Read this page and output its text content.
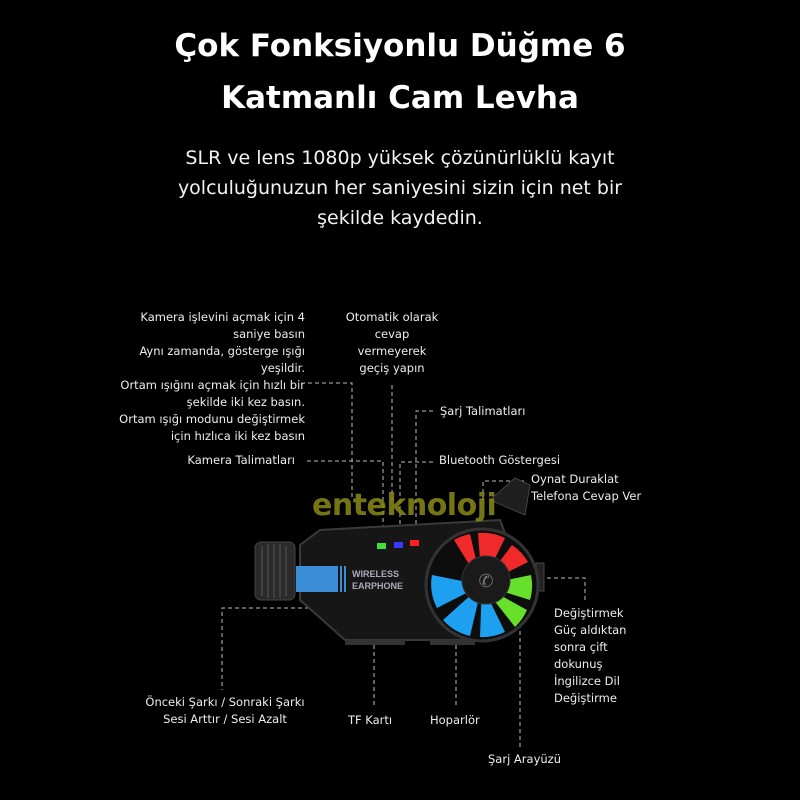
Çok Fonksiyonlu Düğme 6
Katmanlı Cam Levha
SLR ve lens 1080p yüksek çözünürlüklü kayıt
yolculuğunuzun her saniyesini sizin için net bir
şekilde kaydedin.
WIRELESS
EARPHONE	✆
enteknoloji
Kamera işlevini açmak için 4
saniye basın
Aynı zamanda, gösterge ışığı
yeşildir.
Ortam ışığını açmak için hızlı bir
şekilde iki kez basın.
Ortam ışığı modunu değiştirmek
için hızlıca iki kez basın
Otomatik olarak
cevap
vermeyerek
geçiş yapın
Şarj Talimatları
Kamera Talimatları	Bluetooth Göstergesi
Oynat Duraklat
Telefona Cevap Ver
Değiştirmek
Güç aldıktan
sonra çift
dokunuş
İngilizce Dil
Değiştirme
Önceki Şarkı / Sonraki Şarkı
Sesi Arttır / Sesi Azalt	TF Kartı	Hoparlör
Şarj Arayüzü
